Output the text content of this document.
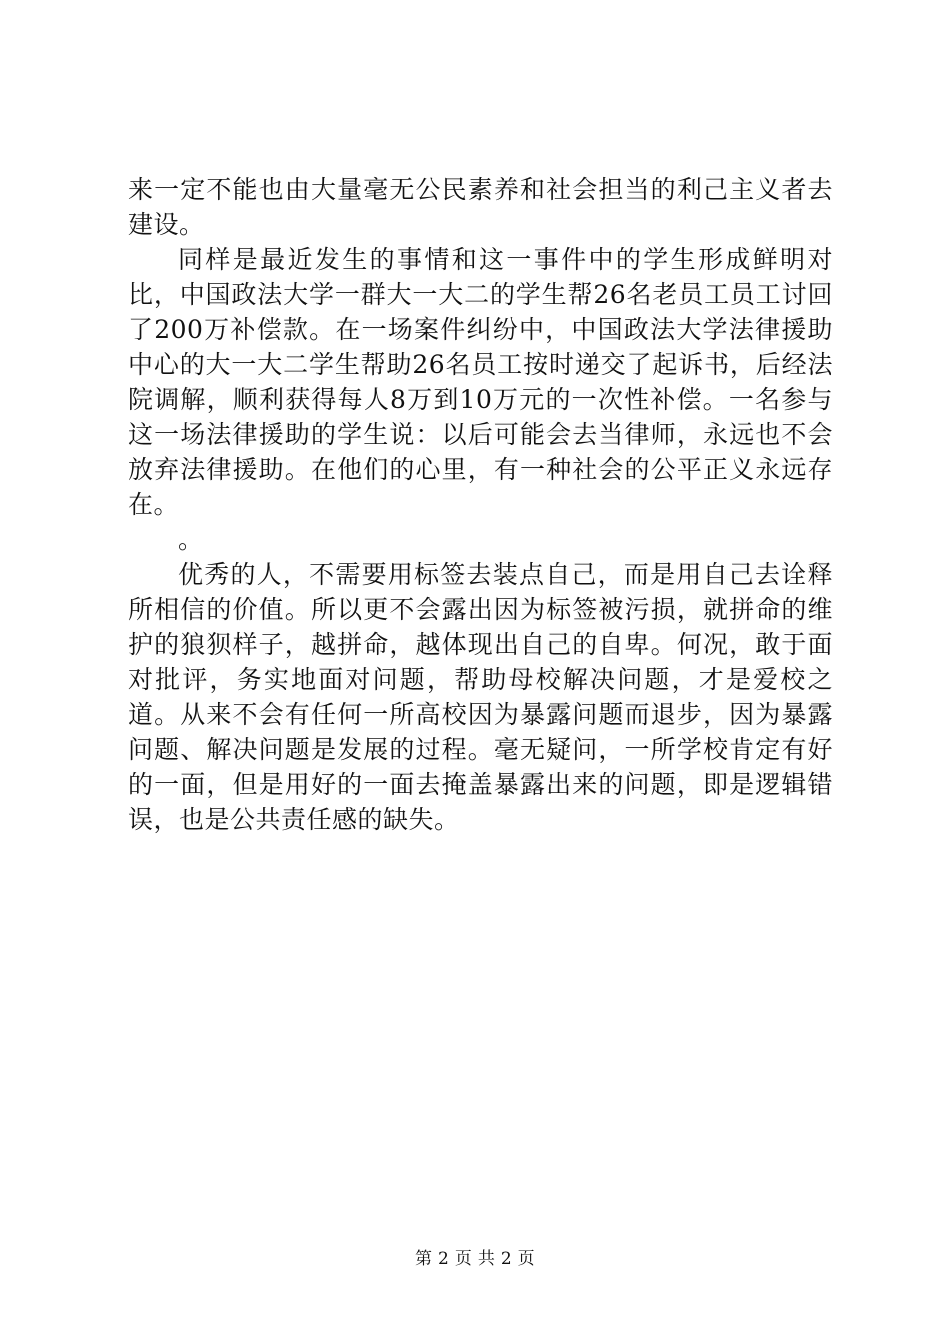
来一定不能也由大量毫无公民素养和社会担当的利己主义者去建设。

同样是最近发生的事情和这一事件中的学生形成鲜明对比，中国政法大学一群大一大二的学生帮26名老员工员工讨回了200万补偿款。在一场案件纠纷中，中国政法大学法律援助中心的大一大二学生帮助26名员工按时递交了起诉书，后经法院调解，顺利获得每人8万到10万元的一次性补偿。一名参与这一场法律援助的学生说：以后可能会去当律师，永远也不会放弃法律援助。在他们的心里，有一种社会的公平正义永远存在。

。

优秀的人，不需要用标签去装点自己，而是用自己去诠释所相信的价值。所以更不会露出因为标签被污损，就拼命的维护的狼狈样子，越拼命，越体现出自己的自卑。何况，敢于面对批评，务实地面对问题，帮助母校解决问题，才是爱校之道。从来不会有任何一所高校因为暴露问题而退步，因为暴露问题、解决问题是发展的过程。毫无疑问，一所学校肯定有好的一面，但是用好的一面去掩盖暴露出来的问题，即是逻辑错误，也是公共责任感的缺失。

第 2 页 共 2 页
